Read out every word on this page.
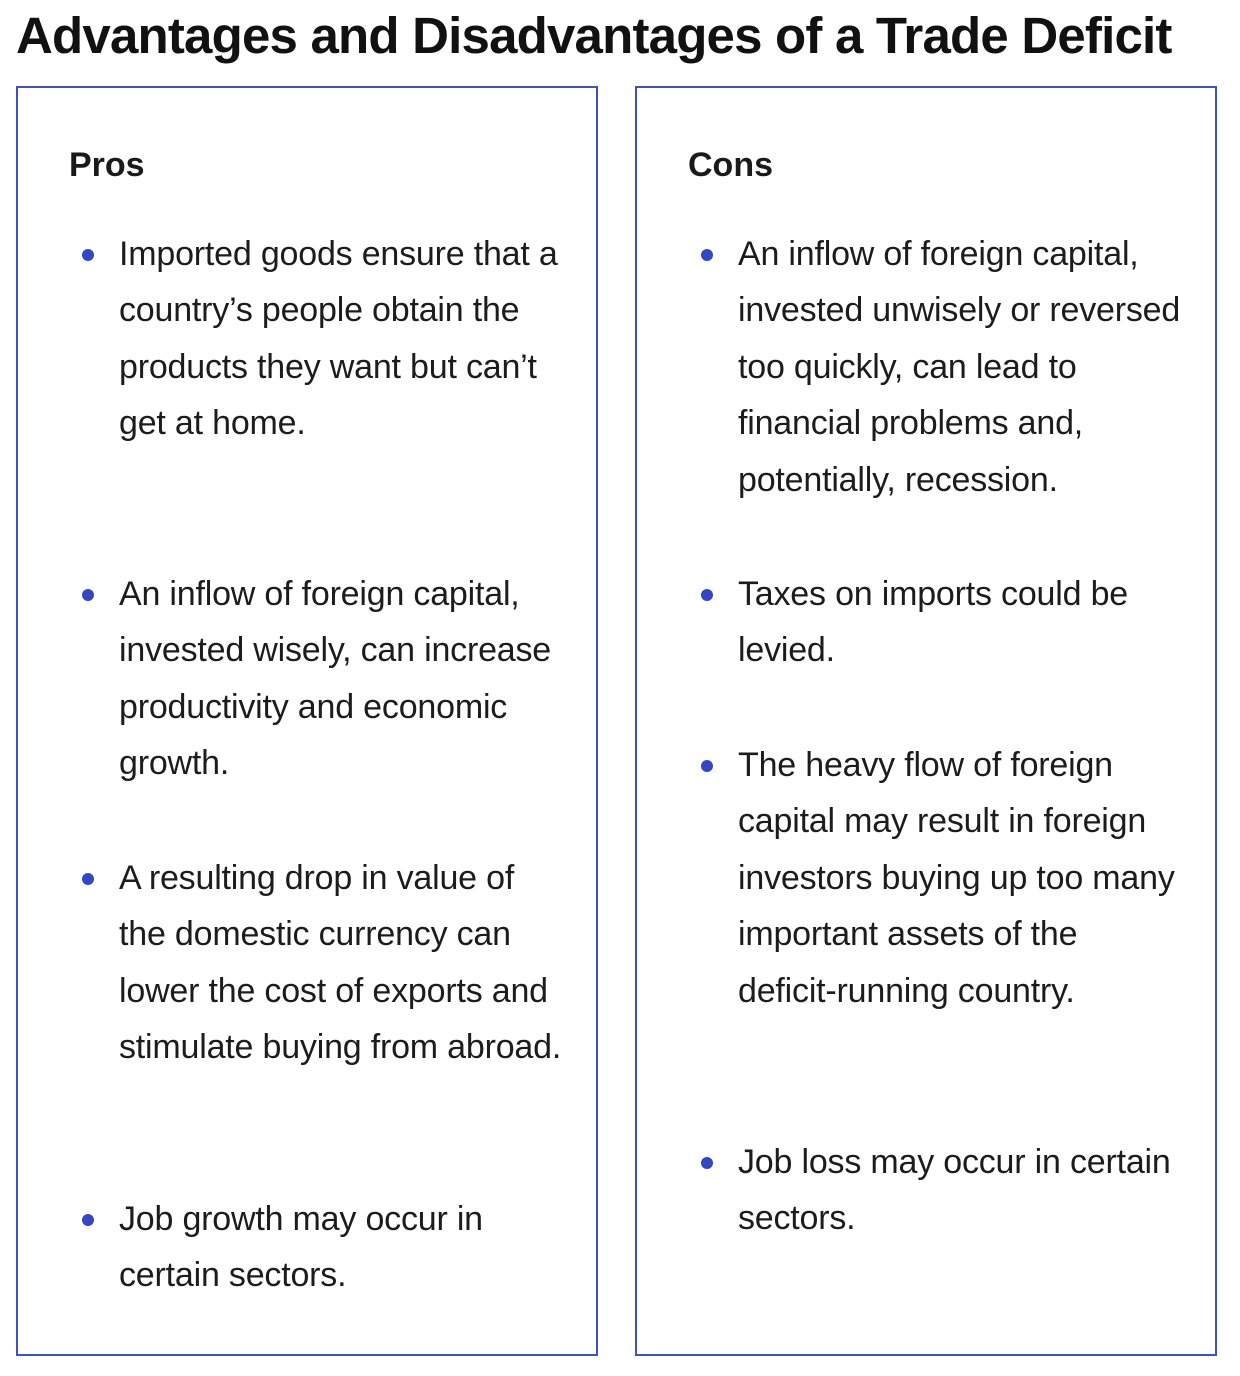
Advantages and Disadvantages of a Trade Deficit
Pros
Imported goods ensure that a country’s people obtain the products they want but can’t get at home.
An inflow of foreign capital, invested wisely, can increase productivity and economic growth.
A resulting drop in value of the domestic currency can lower the cost of exports and stimulate buying from abroad.
Job growth may occur in certain sectors.
Cons
An inflow of foreign capital, invested unwisely or reversed too quickly, can lead to financial problems and, potentially, recession.
Taxes on imports could be levied.
The heavy flow of foreign capital may result in foreign investors buying up too many important assets of the deficit-running country.
Job loss may occur in certain sectors.
